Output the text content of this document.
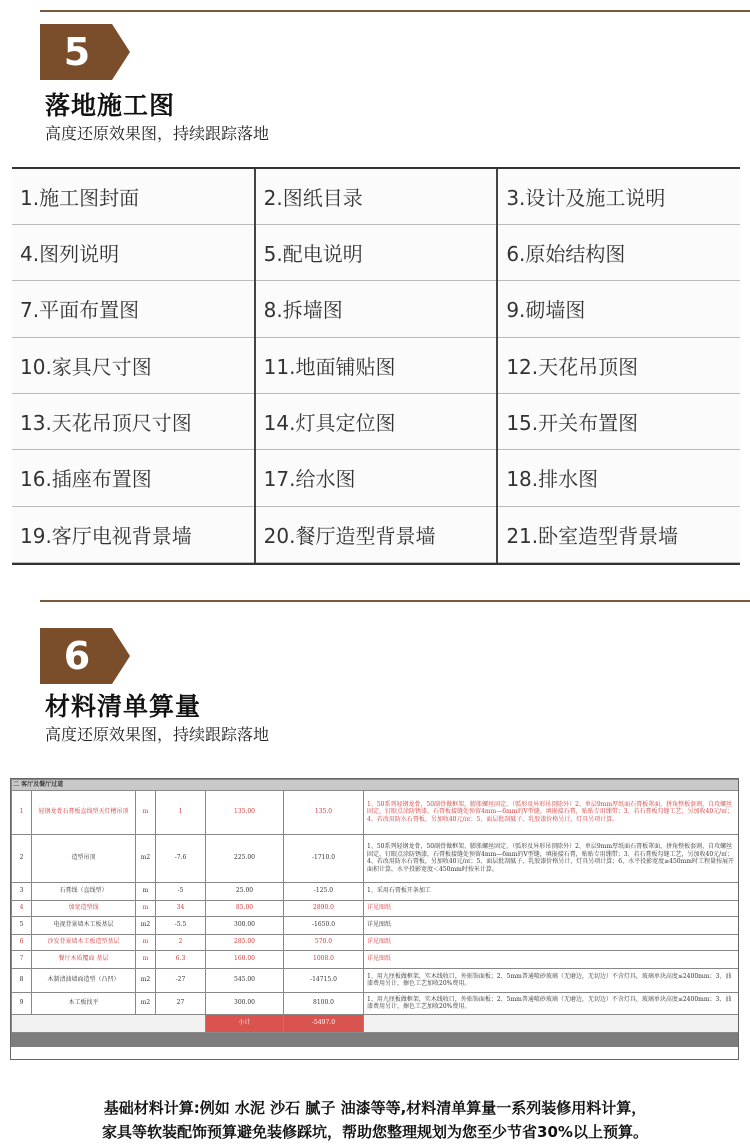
5
落地施工图
高度还原效果图，持续跟踪落地
1.施工图封面	2.图纸目录	3.设计及施工说明
4.图列说明	5.配电说明	6.原始结构图
7.平面布置图	8.拆墙图	9.砌墙图
10.家具尺寸图	11.地面铺贴图	12.天花吊顶图
13.天花吊顶尺寸图	14.灯具定位图	15.开关布置图
16.插座布置图	17.给水图	18.排水图
19.客厅电视背景墙	20.餐厅造型背景墙	21.卧室造型背景墙
6
材料清单算量
高度还原效果图，持续跟踪落地
二 客厅及餐厅过道						
1	轻钢龙骨石膏板直线型天灯槽吊顶	m	1	135.00	135.0	1、50系列轻钢龙骨，50副骨做框架，膨胀螺丝固定，（弧形及异形吊顶除外）2、单层9mm厚纸面石膏板罩面，拼角整板套割，自攻螺丝固定，钉眼点涂防锈漆，石膏板接缝处预留4mm—6mm的V型缝，填嵌接石膏，贴贴专用绷带；3、若石膏板勾缝工艺，另加收40元/㎡；4、若改用防水石膏板，另加收40元/㎡；5、面层批刮腻子、乳胶漆价格另计，灯具另项计算。
2	造型吊顶	m2	-7.6	225.00	-1710.0	1、50系列轻钢龙骨，50副骨做框架，膨胀螺丝固定，（弧形及异形吊顶除外）2、单层9mm厚纸面石膏板罩面，拼角整板套割，自攻螺丝固定，钉眼点涂防锈漆，石膏板接缝处预留4mm—6mm的V型缝，填嵌接石膏，贴贴专用绷带；3、若石膏板勾缝工艺，另加收40元/㎡；4、若改用防水石膏板，另加收40元/㎡；5、面层批刮腻子、乳胶漆价格另计，灯具另项计算；6、水平投影宽度≥450mm时工程量按展开面积计算，水平投影宽度＜450mm时按米计算。
3	石膏线（直线型）	m	-5	25.00	-125.0	1、采用石膏板开条加工
4	加宽造型线	m	34	85.00	2890.0	详见图纸
5	电视背景墙木工板基层	m2	-5.5	300.00	-1650.0	详见图纸
6	沙发背景墙木工板造型基层	m	2	285.00	570.0	详见图纸
7	餐厅木质覆面 基层	m	6.3	160.00	1008.0	详见图纸
8	木制清油墙面造型（凸凹）	m2	-27	545.00	-14715.0	1、用九厘板做框架，实木线收口，外贴饰面板；2、5mm普通喷砂玻璃（无磨边，无切边）不含灯具，玻璃单块高度≤2400mm；3、油漆费用另计，擦色工艺加收20%费用。
9	木工板找平	m2	27	300.00	8100.0	1、用九厘板做框架，实木线收口，外贴饰面板；2、5mm普通喷砂玻璃（无磨边，无切边）不含灯具，玻璃单块高度≤2400mm；3、油漆费用另计，擦色工艺加收20%费用。
				小计	-5497.0	
基础材料计算:例如 水泥 沙石 腻子 油漆等等,材料清单算量一系列装修用料计算，
家具等软装配饰预算避免装修踩坑，帮助您整理规划为您至少节省30%以上预算。
